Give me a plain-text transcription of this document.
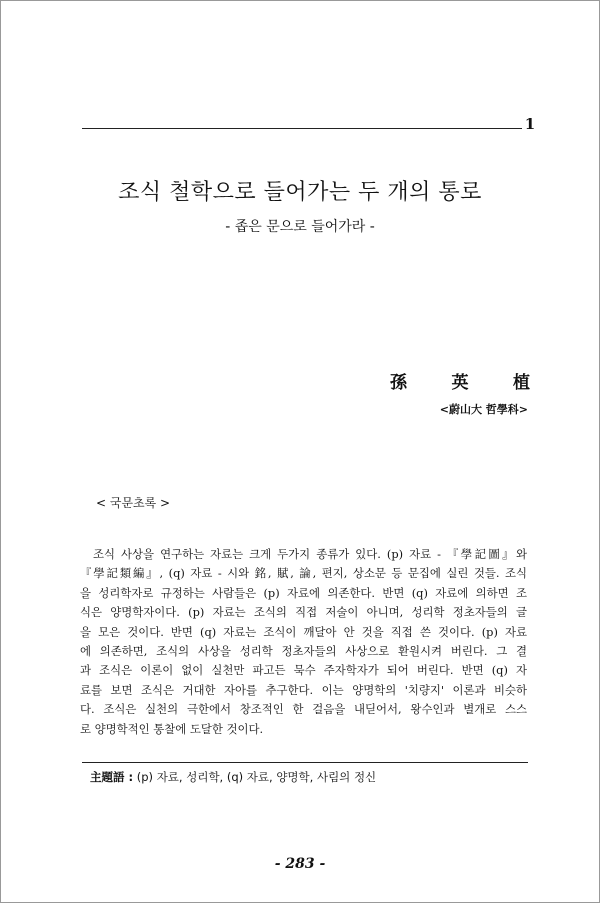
1
조식 철학으로 들어가는 두 개의 통로
- 좁은 문으로 들어가라 -
孫	英	植
<蔚山大 哲學科>
< 국문초록 >
조식 사상을 연구하는 자료는 크게 두가지 종류가 있다. (p) 자료 - 『學記圖』와
『學記類編』, (q) 자료 - 시와 銘, 賦, 論, 편지, 상소문 등 문집에 실린 것들. 조식
을 성리학자로 규정하는 사람들은 (p) 자료에 의존한다. 반면 (q) 자료에 의하면 조
식은 양명학자이다. (p) 자료는 조식의 직접 저술이 아니며, 성리학 정초자들의 글
을 모은 것이다. 반면 (q) 자료는 조식이 깨달아 안 것을 직접 쓴 것이다. (p) 자료
에 의존하면, 조식의 사상을 성리학 정초자들의 사상으로 환원시켜 버린다. 그 결
과 조식은 이론이 없이 실천만 파고든 묵수 주자학자가 되어 버린다. 반면 (q) 자
료를 보면 조식은 거대한 자아를 추구한다. 이는 양명학의 '치량지' 이론과 비슷하
다. 조식은 실천의 극한에서 창조적인 한 걸음을 내딛어서, 왕수인과 별개로 스스
로 양명학적인 통찰에 도달한 것이다.
主題語 : (p) 자료, 성리학, (q) 자료, 양명학, 사림의 정신
- 283 -
